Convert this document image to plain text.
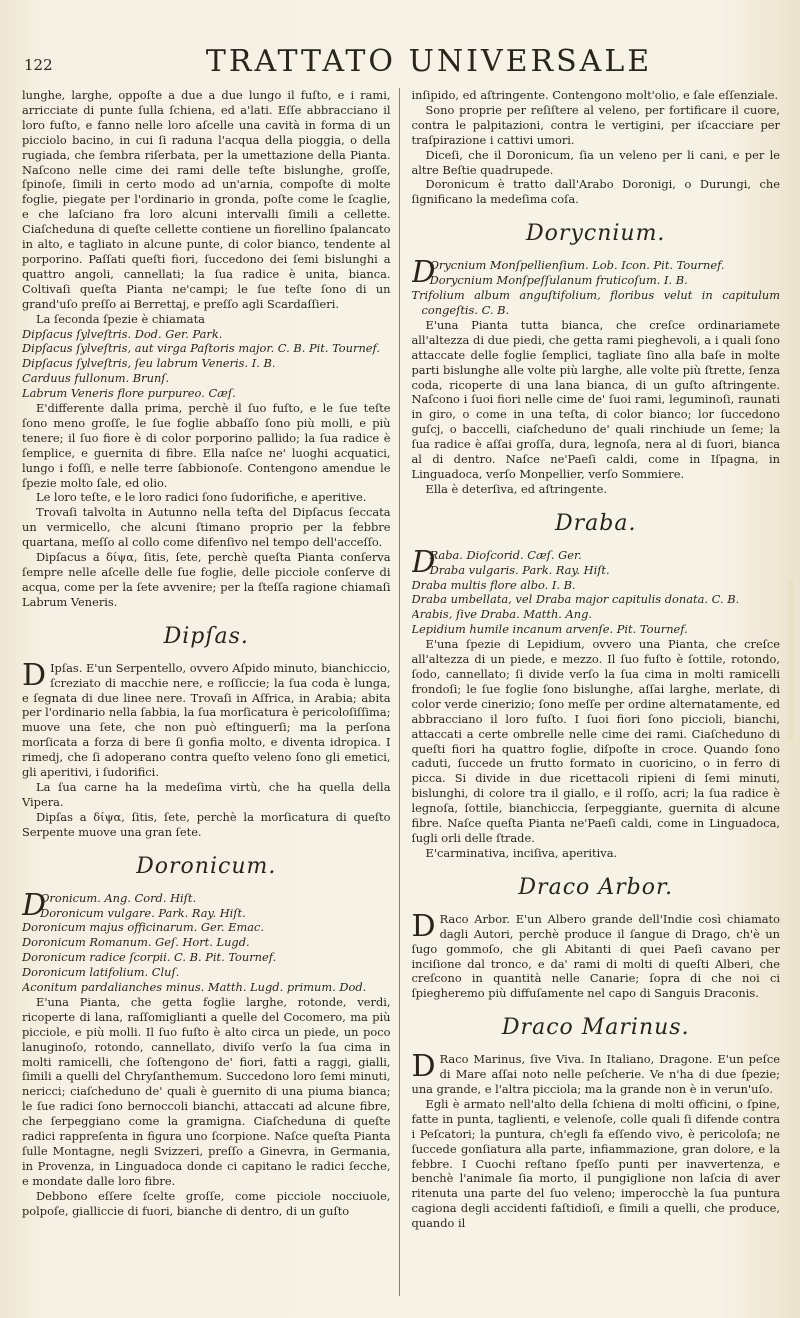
122	TRATTATO UNIVERSALE

lunghe, larghe, oppoſte a due a due lungo il fuſto, e i rami, arricciate di punte ſulla ſchiena, ed a'lati. Eſſe abbracciano il loro fuſto, e fanno nelle loro aſcelle una cavità in forma di un picciolo bacino, in cui ſi raduna l'acqua della pioggia, o della rugiada, che ſembra riſerbata, per la umettazione della Pianta. Naſcono nelle cime dei rami delle teſte bislunghe, groſſe, ſpinoſe, ſimili in certo modo ad un'arnia, compoſte di molte foglie, piegate per l'ordinario in gronda, poſte come le ſcaglie, e che laſciano fra loro alcuni intervalli ſimili a cellette. Ciaſcheduna di queſte cellette contiene un fiorellino ſpalancato in alto, e tagliato in alcune punte, di color bianco, tendente al porporino. Paſſati queſti fiori, ſuccedono dei ſemi bislunghi a quattro angoli, cannellati; la ſua radice è unita, bianca. Coltivaſi queſta Pianta ne'campi; le ſue teſte ſono di un grand'uſo preſſo ai Berrettaj, e preſſo agli Scardaſſieri.

La ſeconda ſpezie è chiamata

Dipſacus ſylveſtris. Dod. Ger. Park.
Dipſacus ſylveſtris, aut virga Paſtoris major. C. B. Pit. Tournef.
Dipſacus ſylveſtris, ſeu labrum Veneris. I. B.
Carduus fullonum. Brunſ.
Labrum Veneris flore purpureo. Cæſ.

E'differente dalla prima, perchè il ſuo fuſto, e le ſue teſte ſono meno groſſe, le ſue foglie abbaſſo ſono più molli, e più tenere; il ſuo fiore è di color porporino pallido; la ſua radice è ſemplice, e guernita di fibre. Ella naſce ne' luoghi acquatici, lungo i foſſi, e nelle terre ſabbionoſe. Contengono amendue le ſpezie molto ſale, ed olio.

Le loro teſte, e le loro radici ſono ſudorifiche, e aperitive.

Trovaſi talvolta in Autunno nella teſta del Dipſacus ſeccata un vermicello, che alcuni ſtimano proprio per la febbre quartana, meſſo al collo come difenſivo nel tempo dell'acceſſo.

Dipſacus a δίψα, ſitis, ſete, perchè queſta Pianta conſerva ſempre nelle aſcelle delle ſue foglie, delle picciole conſerve di acqua, come per la ſete avvenire; per la ſteſſa ragione chiamaſi Labrum Veneris.

Dipſas.

D Ipſas. E'un Serpentello, ovvero Aſpido minuto, bianchiccio, ſcreziato di macchie nere, e roſſiccie; la ſua coda è lunga, e ſegnata di due linee nere. Trovaſi in Aſfrica, in Arabia; abita per l'ordinario nella ſabbia, la ſua morſicatura è pericoloſiſſima; muove una ſete, che non può eſtinguerſi; ma la perſona morſicata a forza di bere ſi gonfia molto, e diventa idropica. I rimedj, che ſi adoperano contra queſto veleno ſono gli emetici, gli aperitivi, i ſudorifici.

La ſua carne ha la medeſima virtù, che ha quella della Vipera.

Dipſas a δίψα, ſitis, ſete, perchè la morſicatura di queſto Serpente muove una gran ſete.

Doronicum.
D
Oronicum. Ang. Cord. Hiſt.
Doronicum vulgare. Park. Ray. Hiſt.
Doronicum majus officinarum. Ger. Emac.
Doronicum Romanum. Geſ. Hort. Lugd.
Doronicum radice ſcorpii. C. B. Pit. Tournef.
Doronicum latifolium. Cluſ.
Aconitum pardalianches minus. Matth. Lugd. primum. Dod.

E'una Pianta, che getta foglie larghe, rotonde, verdi, ricoperte di lana, raſſomiglianti a quelle del Cocomero, ma più picciole, e più molli. Il ſuo fuſto è alto circa un piede, un poco lanuginoſo, rotondo, cannellato, diviſo verſo la ſua cima in molti ramicelli, che ſoſtengono de' fiori, fatti a raggi, gialli, ſimili a quelli del Chryſanthemum. Succedono loro ſemi minuti, nericci; ciaſcheduno de' quali è guernito di una piuma bianca; le ſue radici ſono bernoccoli bianchi, attaccati ad alcune fibre, che ſerpeggiano come la gramigna. Ciaſcheduna di queſte radici rappreſenta in figura uno ſcorpione. Naſce queſta Pianta ſulle Montagne, negli Svizzeri, preſſo a Ginevra, in Germania, in Provenza, in Linguadoca donde ci capitano le radici ſecche, e mondate dalle loro fibre.

Debbono eſſere ſcelte groſſe, come picciole nocciuole, polpoſe, gialliccie di fuori, bianche di dentro, di un guſto

inſipido, ed aſtringente. Contengono molt'olio, e ſale eſſenziale.

Sono proprie per reſiſtere al veleno, per fortificare il cuore, contra le palpitazioni, contra le vertigini, per iſcacciare per traſpirazione i cattivi umori.

Diceſi, che il Doronicum, ſia un veleno per li cani, e per le altre Beſtie quadrupede.

Doronicum è tratto dall'Arabo Doronigi, o Durungi, che ſignificano la medeſima coſa.

Dorycnium.
D
Orycnium Monſpellienſium. Lob. Icon. Pit. Tournef.
Dorycnium Monſpeſſulanum fruticoſum. I. B.
Trifolium album anguſtifolium, floribus velut in capitulum congeſtis. C. B.

E'una Pianta tutta bianca, che creſce ordinariamete all'altezza di due piedi, che getta rami pieghevoli, a i quali ſono attaccate delle foglie ſemplici, tagliate ſino alla baſe in molte parti bislunghe alle volte più larghe, alle volte più ſtrette, ſenza coda, ricoperte di una lana bianca, di un guſto aſtringente. Naſcono i ſuoi fiori nelle cime de' ſuoi rami, leguminoſi, raunati in giro, o come in una teſta, di color bianco; lor ſuccedono guſcj, o baccelli, ciaſcheduno de' quali rinchiude un ſeme; la ſua radice è aſſai groſſa, dura, legnoſa, nera al di ſuori, bianca al di dentro. Naſce ne'Paeſi caldi, come in Iſpagna, in Linguadoca, verſo Monpellier, verſo Sommiere.

Ella è deterſiva, ed aſtringente.

Draba.
D
Raba. Dioſcorid. Cæſ. Ger.
Draba vulgaris. Park. Ray. Hiſt.
Draba multis flore albo. I. B.
Draba umbellata, vel Draba major capitulis donata. C. B.
Arabis, ſive Draba. Matth. Ang.
Lepidium humile incanum arvenſe. Pit. Tournef.

E'una ſpezie di Lepidium, ovvero una Pianta, che creſce all'altezza di un piede, e mezzo. Il ſuo fuſto è ſottile, rotondo, ſodo, cannellato; ſi divide verſo la ſua cima in molti ramicelli frondoſi; le ſue foglie ſono bislunghe, aſſai larghe, merlate, di color verde cinerizio; ſono meſſe per ordine alternatamente, ed abbracciano il loro fuſto. I ſuoi fiori ſono piccioli, bianchi, attaccati a certe ombrelle nelle cime dei rami. Ciaſcheduno di queſti fiori ha quattro foglie, diſpoſte in croce. Quando ſono caduti, ſuccede un frutto formato in cuoricino, o in ferro di picca. Si divide in due ricettacoli ripieni di ſemi minuti, bislunghi, di colore tra il giallo, e il roſſo, acri; la ſua radice è legnoſa, ſottile, bianchiccia, ſerpeggiante, guernita di alcune fibre. Naſce queſta Pianta ne'Paeſi caldi, come in Linguadoca, ſugli orli delle ſtrade.

E'carminativa, inciſiva, aperitiva.

Draco Arbor.

D Raco Arbor. E'un Albero grande dell'Indie così chiamato dagli Autori, perchè produce il ſangue di Drago, ch'è un ſugo gommoſo, che gli Abitanti di quei Paeſi cavano per inciſione dal tronco, e da' rami di molti di queſti Alberi, che creſcono in quantità nelle Canarie; ſopra di che noi ci ſpiegheremo più diffuſamente nel capo di Sanguis Draconis.

Draco Marinus.

D Raco Marinus, ſive Viva. In Italiano, Dragone. E'un peſce di Mare aſſai noto nelle peſcherie. Ve n'ha di due ſpezie; una grande, e l'altra picciola; ma la grande non è in verun'uſo.

Egli è armato nell'alto della ſchiena di molti officini, o ſpine, fatte in punta, taglienti, e velenoſe, colle quali ſi difende contra i Peſcatori; la puntura, ch'egli fa eſſendo vivo, è pericoloſa; ne ſuccede gonſiatura alla parte, infiammazione, gran dolore, e la febbre. I Cuochi reſtano ſpeſſo punti per inavvertenza, e benchè l'animale ſia morto, il pungiglione non laſcia di aver ritenuta una parte del ſuo veleno; imperocchè la ſua puntura cagiona degli accidenti faſtidioſi, e ſimili a quelli, che produce, quando il
